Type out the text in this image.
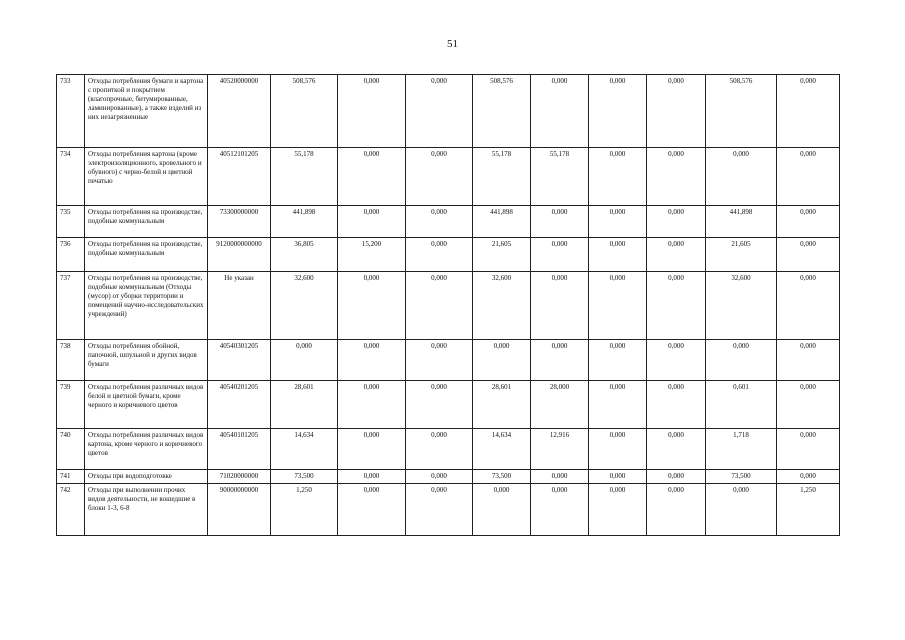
51
733	Отходы потребления бумаги и картона с пропиткой и покрытием (влагопрочные, битумированные, ламинированные), а также изделий из них незагрязненные	40520000000	508,576	0,000	0,000	508,576	0,000	0,000	0,000	508,576	0,000
734	Отходы потребления картона (кроме электроизоляционного, кровельного и обувного) с черно-белой и цветной печатью	40512101205	55,178	0,000	0,000	55,178	55,178	0,000	0,000	0,000	0,000
735	Отходы потребления на производстве, подобные коммунальным	73300000000	441,898	0,000	0,000	441,898	0,000	0,000	0,000	441,898	0,000
736	Отходы потребления на производстве, подобные коммунальным	9120000000000	36,805	15,200	0,000	21,605	0,000	0,000	0,000	21,605	0,000
737	Отходы потребления на производстве, подобные коммунальным (Отходы (мусор) от уборки территории и помещений научно-исследовательских учреждений)	Не указан	32,600	0,000	0,000	32,600	0,000	0,000	0,000	32,600	0,000
738	Отходы потребления обойной, папочной, шпульной и других видов бумаги	40540301205	0,000	0,000	0,000	0,000	0,000	0,000	0,000	0,000	0,000
739	Отходы потребления различных видов белой и цветной бумаги, кроме черного и коричневого цветов	40540201205	28,601	0,000	0,000	28,601	28,000	0,000	0,000	0,601	0,000
740	Отходы потребления различных видов картона, кроме черного и коричневого цветов	40540101205	14,634	0,000	0,000	14,634	12,916	0,000	0,000	1,718	0,000
741	Отходы при водоподготовке	71020000000	73,500	0,000	0,000	73,500	0,000	0,000	0,000	73,500	0,000
742	Отходы при выполнении прочих видов деятельности, не вошедшие в блоки 1-3, 6-8	90000000000	1,250	0,000	0,000	0,000	0,000	0,000	0,000	0,000	1,250
